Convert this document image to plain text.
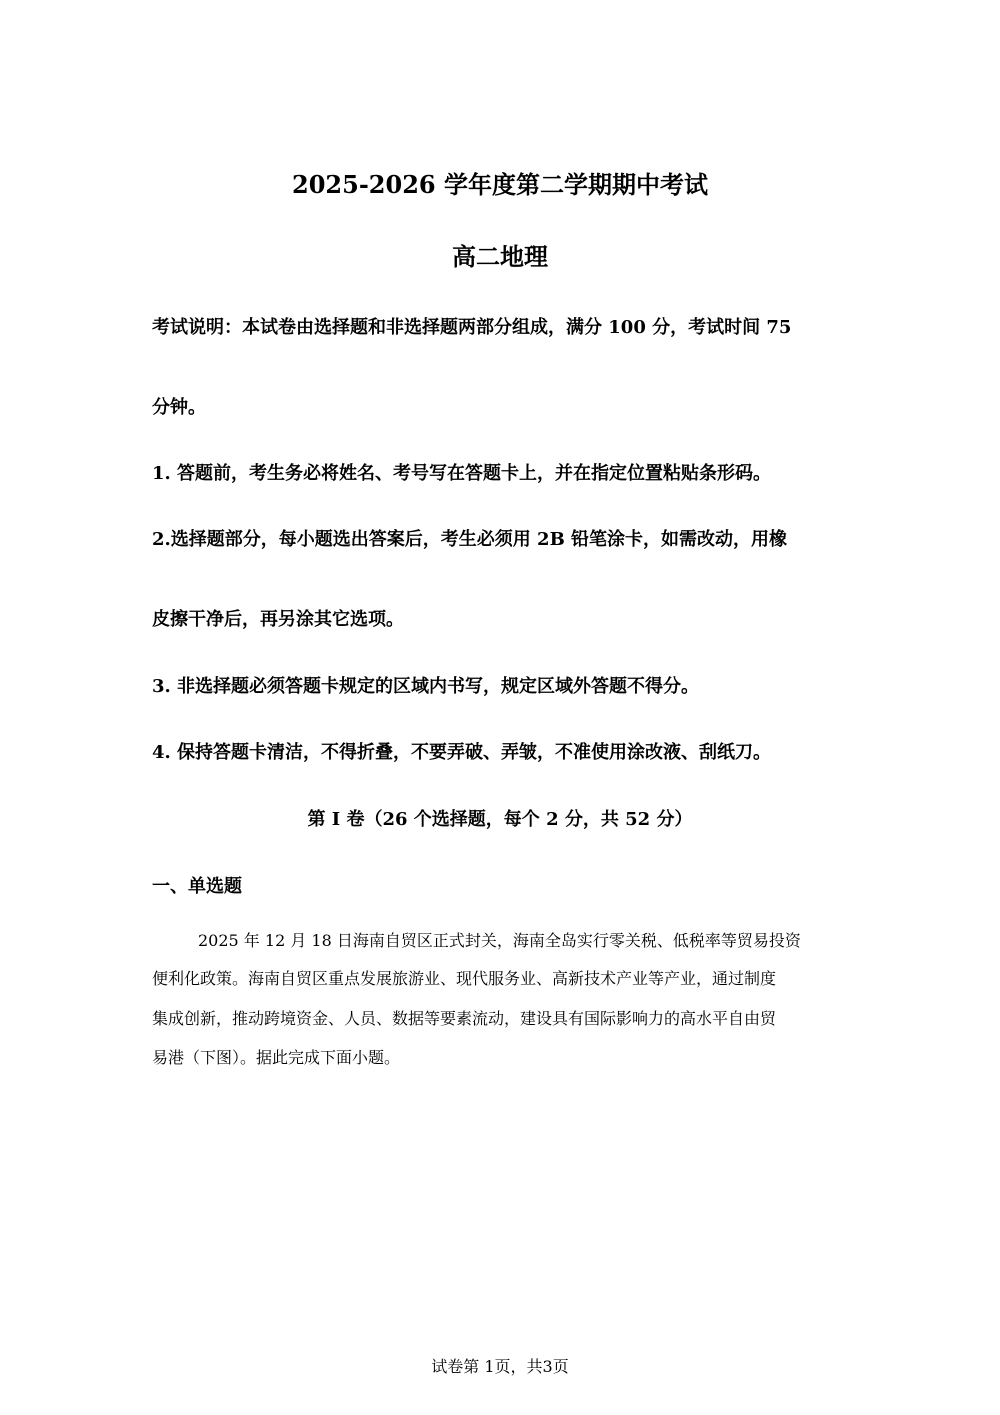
2025-2026 学年度第二学期期中考试
高二地理
考试说明：本试卷由选择题和非选择题两部分组成，满分 100 分，考试时间 75
分钟。
1. 答题前，考生务必将姓名、考号写在答题卡上，并在指定位置粘贴条形码。
2.选择题部分，每小题选出答案后，考生必须用 2B 铅笔涂卡，如需改动，用橡
皮擦干净后，再另涂其它选项。
3. 非选择题必须答题卡规定的区域内书写，规定区域外答题不得分。
4. 保持答题卡清洁，不得折叠，不要弄破、弄皱，不准使用涂改液、刮纸刀。
第 I 卷（26 个选择题，每个 2 分，共 52 分）
一、单选题
2025 年 12 月 18 日海南自贸区正式封关，海南全岛实行零关税、低税率等贸易投资
便利化政策。海南自贸区重点发展旅游业、现代服务业、高新技术产业等产业，通过制度
集成创新，推动跨境资金、人员、数据等要素流动，建设具有国际影响力的高水平自由贸
易港（下图）。据此完成下面小题。
试卷第 1页，共3页
